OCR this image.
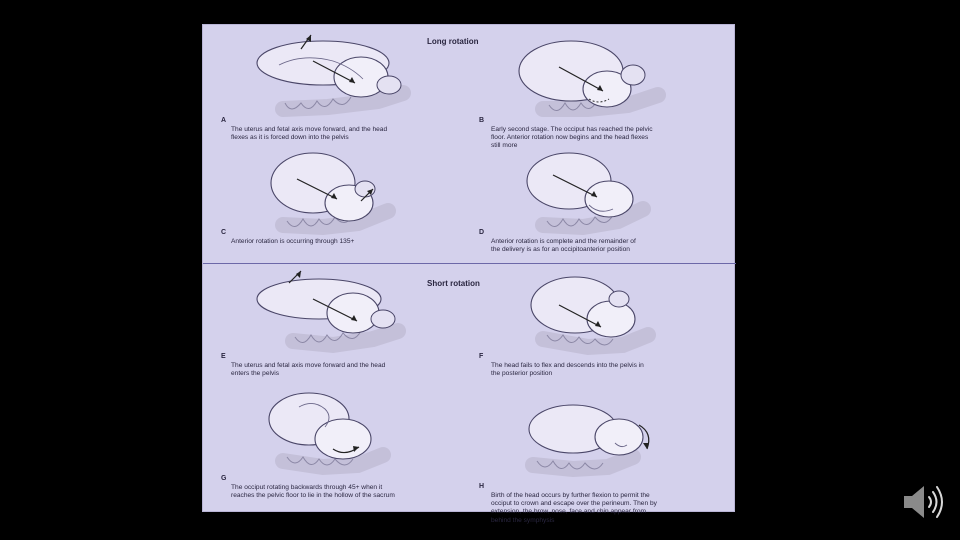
Long rotation
Short rotation
A
The uterus and fetal axis move forward, and the head
flexes as it is forced down into the pelvis
B
Early second stage. The occiput has reached the pelvic
floor. Anterior rotation now begins and the head flexes
still more
C
Anterior rotation is occurring through 135+
D
Anterior rotation is complete and the remainder of
the delivery is as for an occipitoanterior position
E
The uterus and fetal axis move forward and the head
enters the pelvis
F
The head fails to flex and descends into the pelvis in
the posterior position
G
The occiput rotating backwards through 45+ when it
reaches the pelvic floor to lie in the hollow of the sacrum
H
Birth of the head occurs by further flexion to permit the
occiput to crown and escape over the perineum. Then by
extension, the brow, nose, face and chin appear from
behind the symphysis
